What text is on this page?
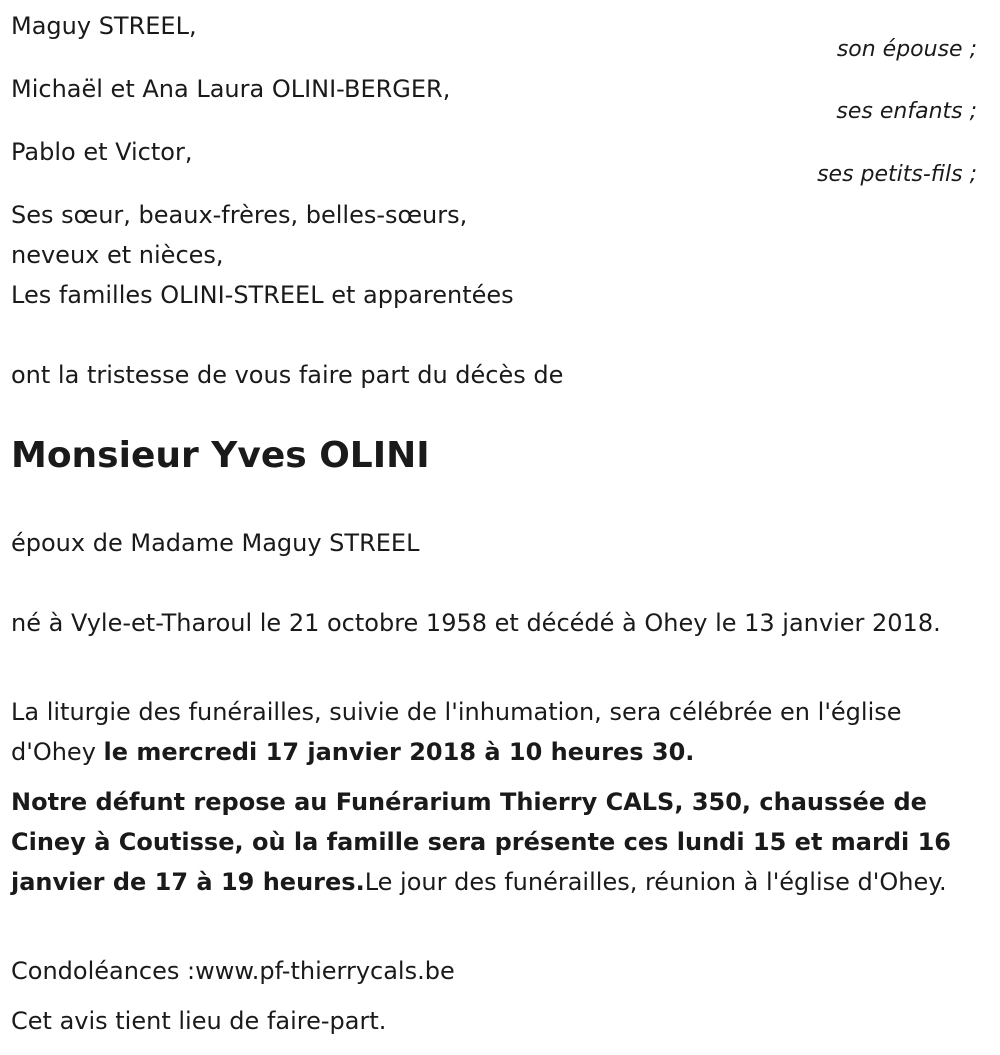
Maguy STREEL,
son épouse ;
Michaël et Ana Laura OLINI-BERGER,
ses enfants ;
Pablo et Victor,
ses petits-fils ;
Ses sœur, beaux-frères, belles-sœurs,
neveux et nièces,
Les familles OLINI-STREEL et apparentées
ont la tristesse de vous faire part du décès de
Monsieur Yves OLINI
époux de Madame Maguy STREEL
né à Vyle-et-Tharoul le 21 octobre 1958 et décédé à Ohey le 13 janvier 2018.
La liturgie des funérailles, suivie de l'inhumation, sera célébrée en l'église d'Ohey le mercredi 17 janvier 2018 à 10 heures 30.
Notre défunt repose au Funérarium Thierry CALS, 350, chaussée de Ciney à Coutisse, où la famille sera présente ces lundi 15 et mardi 16 janvier de 17 à 19 heures.Le jour des funérailles, réunion à l'église d'Ohey.
Condoléances :www.pf-thierrycals.be
Cet avis tient lieu de faire-part.
